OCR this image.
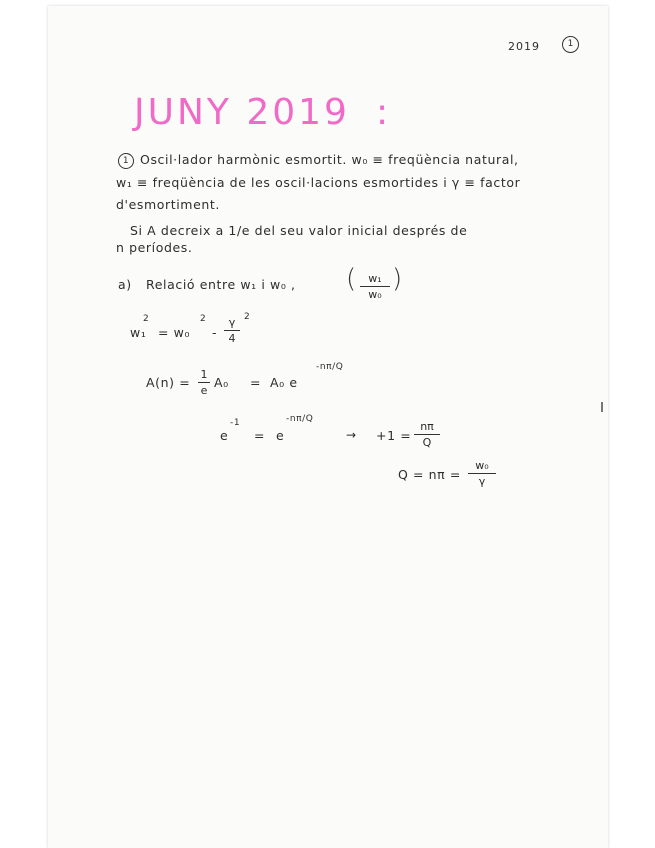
2019	1
JUNY 2019 :
1 Oscil·lador harmònic esmortit. w₀ ≡ freqüència natural,
w₁ ≡ freqüència de les oscil·lacions esmortides i γ ≡ factor
d'esmortiment.
Si A decreix a 1/e del seu valor inicial després de
n períodes.
a) Relació entre w₁ i w₀ , (	w₁
w₀
)
w₁
2
= w₀
2
-
γ
4
2
A(n) =
1
e
A₀ = A₀ e
-nπ/Q
e
-1
= e
-nπ/Q
→ +1 =
nπ
Q
Q = nπ =
w₀
γ
